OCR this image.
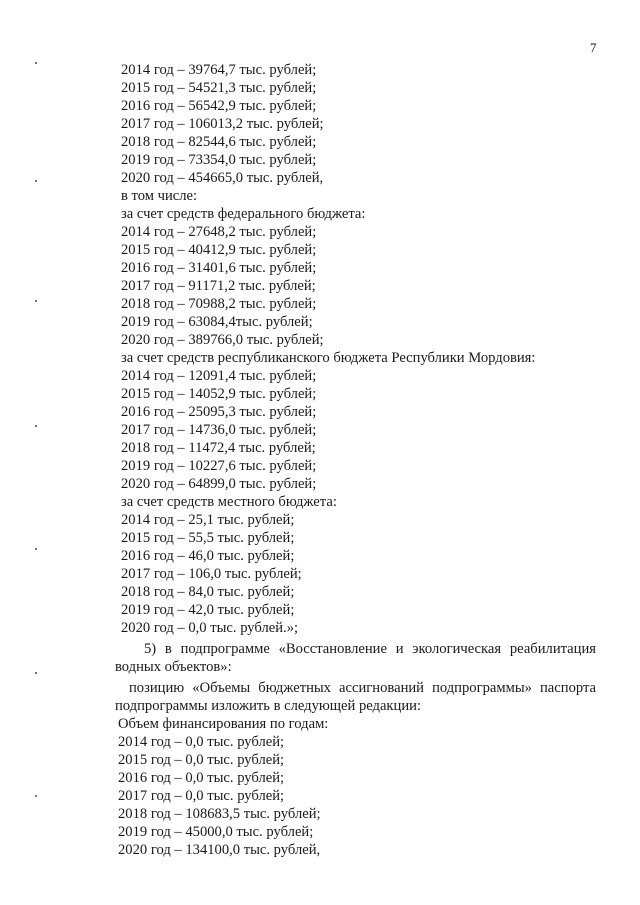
7
2014 год – 39764,7 тыс. рублей;
2015 год – 54521,3 тыс. рублей;
2016 год – 56542,9 тыс. рублей;
2017 год – 106013,2 тыс. рублей;
2018 год – 82544,6 тыс. рублей;
2019 год – 73354,0 тыс. рублей;
2020 год – 454665,0 тыс. рублей,
в том числе:
за счет средств федерального бюджета:
2014 год – 27648,2 тыс. рублей;
2015 год – 40412,9 тыс. рублей;
2016 год – 31401,6 тыс. рублей;
2017 год – 91171,2 тыс. рублей;
2018 год – 70988,2 тыс. рублей;
2019 год – 63084,4тыс. рублей;
2020 год – 389766,0 тыс. рублей;
за счет средств республиканского бюджета Республики Мордовия:
2014 год – 12091,4 тыс. рублей;
2015 год – 14052,9 тыс. рублей;
2016 год – 25095,3 тыс. рублей;
2017 год – 14736,0 тыс. рублей;
2018 год – 11472,4 тыс. рублей;
2019 год – 10227,6 тыс. рублей;
2020 год – 64899,0 тыс. рублей;
за счет средств местного бюджета:
2014 год – 25,1 тыс. рублей;
2015 год – 55,5 тыс. рублей;
2016 год – 46,0 тыс. рублей;
2017 год – 106,0 тыс. рублей;
2018 год – 84,0 тыс. рублей;
2019 год – 42,0 тыс. рублей;
2020 год – 0,0 тыс. рублей.»;
5) в подпрограмме «Восстановление и экологическая реабилитация
водных объектов»:
позицию «Объемы бюджетных ассигнований подпрограммы» паспорта
подпрограммы изложить в следующей редакции:
Объем финансирования по годам:
2014 год – 0,0 тыс. рублей;
2015 год – 0,0 тыс. рублей;
2016 год – 0,0 тыс. рублей;
2017 год – 0,0 тыс. рублей;
2018 год – 108683,5 тыс. рублей;
2019 год – 45000,0 тыс. рублей;
2020 год – 134100,0 тыс. рублей,
